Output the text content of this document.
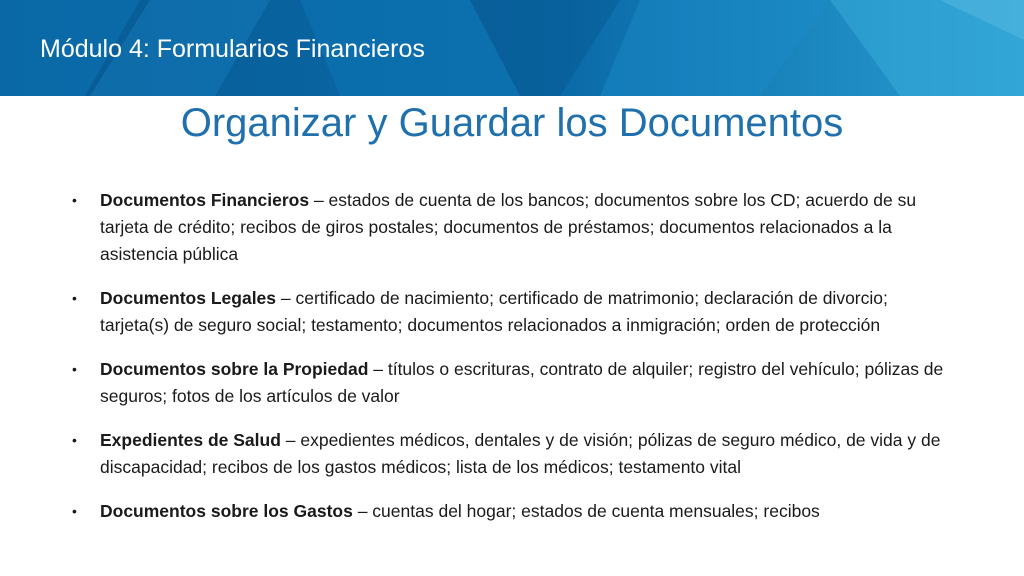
Módulo 4: Formularios Financieros
Organizar y Guardar los Documentos
• Documentos Financieros – estados de cuenta de los bancos; documentos sobre los CD; acuerdo de su tarjeta de crédito; recibos de giros postales; documentos de préstamos; documentos relacionados a la asistencia pública
• Documentos Legales – certificado de nacimiento; certificado de matrimonio; declaración de divorcio; tarjeta(s) de seguro social; testamento; documentos relacionados a inmigración; orden de protección
• Documentos sobre la Propiedad – títulos o escrituras, contrato de alquiler; registro del vehículo; pólizas de seguros; fotos de los artículos de valor
• Expedientes de Salud – expedientes médicos, dentales y de visión; pólizas de seguro médico, de vida y de discapacidad; recibos de los gastos médicos; lista de los médicos; testamento vital
• Documentos sobre los Gastos – cuentas del hogar; estados de cuenta mensuales; recibos
